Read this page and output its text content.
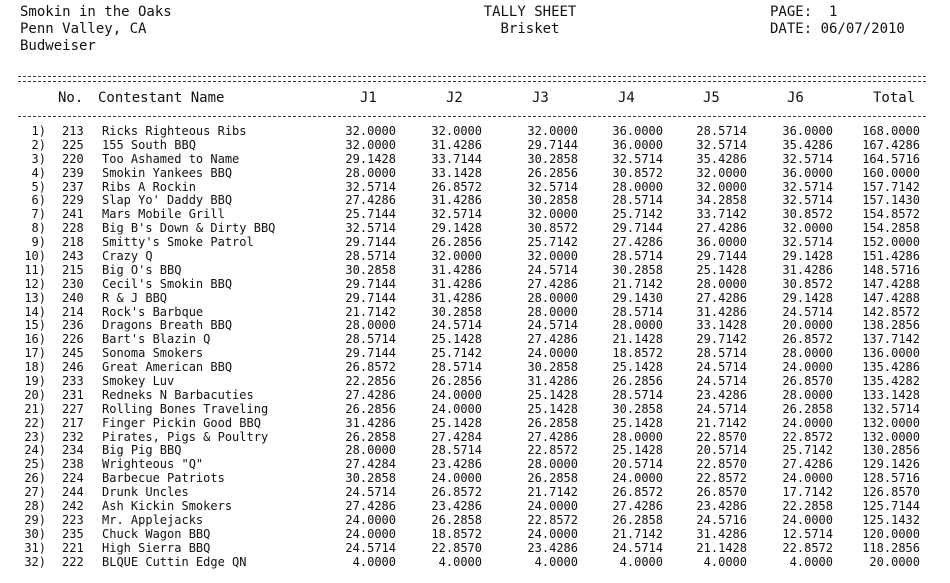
Smokin in the Oaks
Penn Valley, CA
Budweiser
TALLY SHEET
Brisket
PAGE:  1
DATE: 06/07/2010
No. Contestant Name	J1	J2	J3	J4	J5	J6	Total
1) 213 Ricks Righteous Ribs	32.0000	32.0000	32.0000	36.0000	28.5714	36.0000	168.0000
2) 225 155 South BBQ	32.0000	31.4286	29.7144	36.0000	32.5714	35.4286	167.4286
3) 220 Too Ashamed to Name	29.1428	33.7144	30.2858	32.5714	35.4286	32.5714	164.5716
4) 239 Smokin Yankees BBQ	28.0000	33.1428	26.2856	30.8572	32.0000	36.0000	160.0000
5) 237 Ribs A Rockin	32.5714	26.8572	32.5714	28.0000	32.0000	32.5714	157.7142
6) 229 Slap Yo' Daddy BBQ	27.4286	31.4286	30.2858	28.5714	34.2858	32.5714	157.1430
7) 241 Mars Mobile Grill	25.7144	32.5714	32.0000	25.7142	33.7142	30.8572	154.8572
8) 228 Big B's Down & Dirty BBQ	32.5714	29.1428	30.8572	29.7144	27.4286	32.0000	154.2858
9) 218 Smitty's Smoke Patrol	29.7144	26.2856	25.7142	27.4286	36.0000	32.5714	152.0000
10) 243 Crazy Q	28.5714	32.0000	32.0000	28.5714	29.7144	29.1428	151.4286
11) 215 Big O's BBQ	30.2858	31.4286	24.5714	30.2858	25.1428	31.4286	148.5716
12) 230 Cecil's Smokin BBQ	29.7144	31.4286	27.4286	21.7142	28.0000	30.8572	147.4288
13) 240 R & J BBQ	29.7144	31.4286	28.0000	29.1430	27.4286	29.1428	147.4288
14) 214 Rock's Barbque	21.7142	30.2858	28.0000	28.5714	31.4286	24.5714	142.8572
15) 236 Dragons Breath BBQ	28.0000	24.5714	24.5714	28.0000	33.1428	20.0000	138.2856
16) 226 Bart's Blazin Q	28.5714	25.1428	27.4286	21.1428	29.7142	26.8572	137.7142
17) 245 Sonoma Smokers	29.7144	25.7142	24.0000	18.8572	28.5714	28.0000	136.0000
18) 246 Great American BBQ	26.8572	28.5714	30.2858	25.1428	24.5714	24.0000	135.4286
19) 233 Smokey Luv	22.2856	26.2856	31.4286	26.2856	24.5714	26.8570	135.4282
20) 231 Redneks N Barbacuties	27.4286	24.0000	25.1428	28.5714	23.4286	28.0000	133.1428
21) 227 Rolling Bones Traveling	26.2856	24.0000	25.1428	30.2858	24.5714	26.2858	132.5714
22) 217 Finger Pickin Good BBQ	31.4286	25.1428	26.2858	25.1428	21.7142	24.0000	132.0000
23) 232 Pirates, Pigs & Poultry	26.2858	27.4284	27.4286	28.0000	22.8570	22.8572	132.0000
24) 234 Big Pig BBQ	28.0000	28.5714	22.8572	25.1428	20.5714	25.7142	130.2856
25) 238 Wrighteous "Q"	27.4284	23.4286	28.0000	20.5714	22.8570	27.4286	129.1426
26) 224 Barbecue Patriots	30.2858	24.0000	26.2858	24.0000	22.8572	24.0000	128.5716
27) 244 Drunk Uncles	24.5714	26.8572	21.7142	26.8572	26.8570	17.7142	126.8570
28) 242 Ash Kickin Smokers	27.4286	23.4286	24.0000	27.4286	23.4286	22.2858	125.7144
29) 223 Mr. Applejacks	24.0000	26.2858	22.8572	26.2858	24.5716	24.0000	125.1432
30) 235 Chuck Wagon BBQ	24.0000	18.8572	24.0000	21.7142	31.4286	12.5714	120.0000
31) 221 High Sierra BBQ	24.5714	22.8570	23.4286	24.5714	21.1428	22.8572	118.2856
32) 222 BLQUE Cuttin Edge QN	4.0000	4.0000	4.0000	4.0000	4.0000	4.0000	20.0000
